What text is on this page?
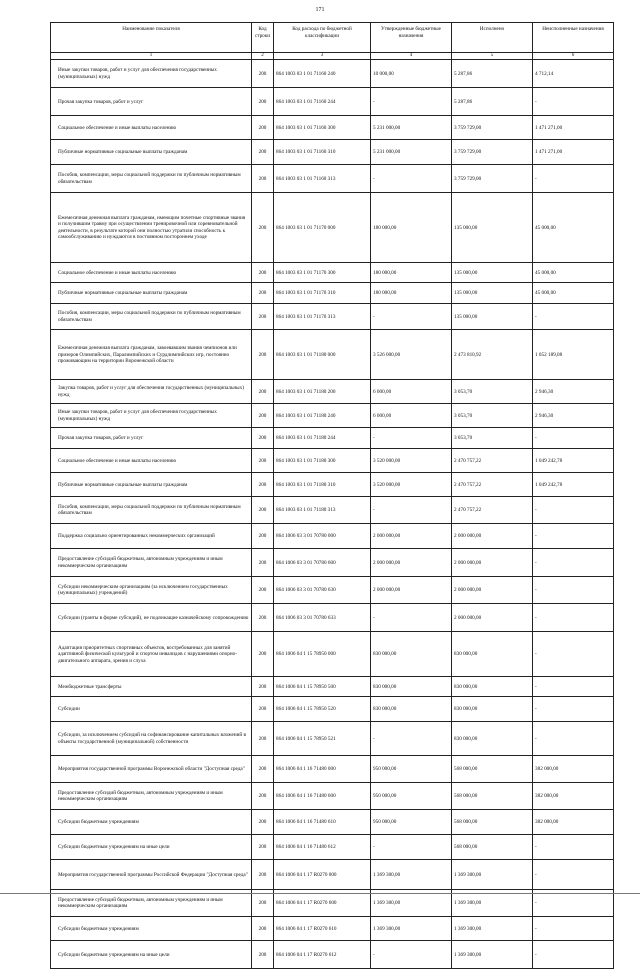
171
Наименование показателя	Код строки	Код расхода по бюджетной классификации	Утвержденные бюджетные назначения	Исполнено	Неисполненные назначения
1	2	3	4	5	6
Иные закупки товаров, работ и услуг для обеспечения государственных (муниципальных) нужд	200	864 1003 03 1 01 71160 240	10 000,00	5 287,86	4 712,14
Прочая закупка товаров, работ и услуг	200	864 1003 03 1 01 71160 244	-	5 287,86	-
Социальное обеспечение и иные выплаты населению	200	864 1003 03 1 01 71160 300	5 231 000,00	3 759 729,00	1 471 271,00
Публичные нормативные социальные выплаты гражданам	200	864 1003 03 1 01 71160 310	5 231 000,00	3 759 729,00	1 471 271,00
Пособия, компенсации, меры социальной поддержки по публичным нормативным обязательствам	200	864 1003 03 1 01 71160 313	-	3 759 729,00	-
Ежемесячная денежная выплата гражданам, имеющим почетные спортивные звания и получившим травму при осуществлении тренировочной или соревновательной деятельности, в результате которой они полностью утратили способность к самообслуживанию и нуждаются в постоянном постороннем уходе	200	864 1003 03 1 01 71170 000	180 000,00	135 000,00	45 000,00
Социальное обеспечение и иные выплаты населению	200	864 1003 03 1 01 71170 300	180 000,00	135 000,00	45 000,00
Публичные нормативные социальные выплаты гражданам	200	864 1003 03 1 01 71170 310	180 000,00	135 000,00	45 000,00
Пособия, компенсации, меры социальной поддержки по публичным нормативным обязательствам	200	864 1003 03 1 01 71170 313	-	135 000,00	-
Ежемесячная денежная выплата гражданам, завоевавшим звания чемпионов или призеров Олимпийских, Паралимпийских и Сурдлимпийских игр, постоянно проживающим на территории Воронежской области	200	864 1003 03 1 01 71180 000	3 526 000,00	2 473 810,92	1 052 189,08
Закупка товаров, работ и услуг для обеспечения государственных (муниципальных) нужд	200	864 1003 03 1 01 71180 200	6 000,00	3 053,70	2 946,30
Иные закупки товаров, работ и услуг для обеспечения государственных (муниципальных) нужд	200	864 1003 03 1 01 71180 240	6 000,00	3 053,70	2 946,30
Прочая закупка товаров, работ и услуг	200	864 1003 03 1 01 71180 244	-	3 053,70	-
Социальное обеспечение и иные выплаты населению	200	864 1003 03 1 01 71180 300	3 520 000,00	2 470 757,22	1 049 242,78
Публичные нормативные социальные выплаты гражданам	200	864 1003 03 1 01 71180 310	3 520 000,00	2 470 757,22	1 049 242,78
Пособия, компенсации, меры социальной поддержки по публичным нормативным обязательствам	200	864 1003 03 1 01 71180 313	-	2 470 757,22	-
Поддержка социально ориентированных некоммерческих организаций	200	864 1006 03 3 01 70780 000	2 000 000,00	2 000 000,00	-
Предоставление субсидий бюджетным, автономным учреждениям и иным некоммерческим организациям	200	864 1006 03 3 01 70780 600	2 000 000,00	2 000 000,00	-
Субсидии некоммерческим организациям (за исключением государственных (муниципальных) учреждений)	200	864 1006 03 3 01 70780 630	2 000 000,00	2 000 000,00	-
Субсидии (гранты в форме субсидий), не подлежащие казначейскому сопровождению	200	864 1006 03 3 01 70780 633	-	2 000 000,00	-
Адаптация приоритетных спортивных объектов, востребованных для занятий адаптивной физической культурой и спортом инвалидов с нарушениями опорно-двигательного аппарата, зрения и слуха	200	864 1006 04 1 15 78950 000	830 000,00	830 000,00	-
Межбюджетные трансферты	200	864 1006 04 1 15 78950 500	830 000,00	830 000,00	-
Субсидии	200	864 1006 04 1 15 78950 520	830 000,00	830 000,00	-
Субсидии, за исключением субсидий на софинансирование капитальных вложений в объекты государственной (муниципальной) собственности	200	864 1006 04 1 15 78950 521	-	830 000,00	-
Мероприятия государственной программы Воронежской области "Доступная среда"	200	864 1006 04 1 16 71480 000	950 000,00	568 000,00	382 000,00
Предоставление субсидий бюджетным, автономным учреждениям и иным некоммерческим организациям	200	864 1006 04 1 16 71480 600	950 000,00	568 000,00	382 000,00
Субсидии бюджетным учреждениям	200	864 1006 04 1 16 71480 610	950 000,00	568 000,00	382 000,00
Субсидии бюджетным учреждениям на иные цели	200	864 1006 04 1 16 71480 612	-	568 000,00	-
Мероприятия государственной программы Российской Федерации "Доступная среда"	200	864 1006 04 1 17 R0270 000	1 369 300,00	1 369 300,00	-
Предоставление субсидий бюджетным, автономным учреждениям и иным некоммерческим организациям	200	864 1006 04 1 17 R0270 600	1 369 300,00	1 369 300,00	-
Субсидии бюджетным учреждениям	200	864 1006 04 1 17 R0270 610	1 369 300,00	1 369 300,00	-
Субсидии бюджетным учреждениям на иные цели	200	864 1006 04 1 17 R0270 612	-	1 369 300,00	-
